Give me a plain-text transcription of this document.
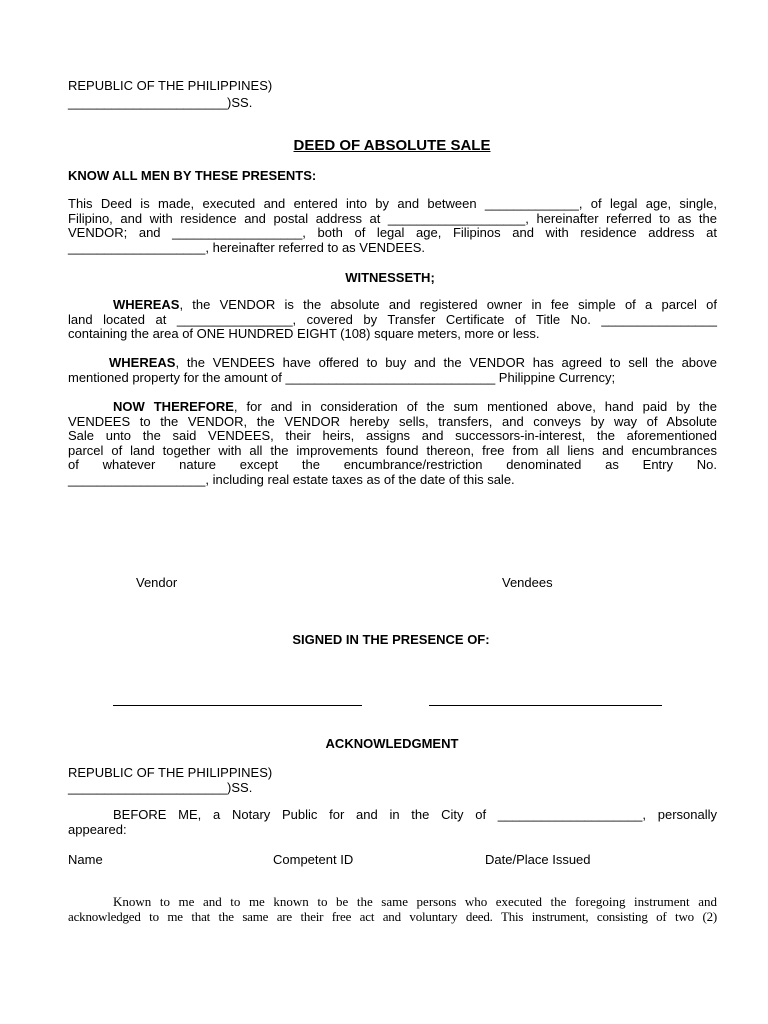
REPUBLIC OF THE PHILIPPINES)
______________________)SS.
DEED OF ABSOLUTE SALE
KNOW ALL MEN BY THESE PRESENTS:
This Deed is made, executed and entered into by and between _____________, of legal age, single,
Filipino, and with residence and postal address at ___________________, hereinafter referred to as the
VENDOR; and __________________, both of legal age, Filipinos and with residence address at
___________________, hereinafter referred to as VENDEES.
WITNESSETH;
WHEREAS, the VENDOR is the absolute and registered owner in fee simple of a parcel of
land located at ________________, covered by Transfer Certificate of Title No. ________________
containing the area of ONE HUNDRED EIGHT (108) square meters, more or less.
WHEREAS, the VENDEES have offered to buy and the VENDOR has agreed to sell the above
mentioned property for the amount of _____________________________ Philippine Currency;
NOW THEREFORE, for and in consideration of the sum mentioned above, hand paid by the
VENDEES to the VENDOR, the VENDOR hereby sells, transfers, and conveys by way of Absolute
Sale unto the said VENDEES, their heirs, assigns and successors-in-interest, the aforementioned
parcel of land together with all the improvements found thereon, free from all liens and encumbrances
of whatever nature except the encumbrance/restriction denominated as Entry No.
___________________, including real estate taxes as of the date of this sale.
Vendor	Vendees
SIGNED IN THE PRESENCE OF:
ACKNOWLEDGMENT
REPUBLIC OF THE PHILIPPINES)
______________________)SS.
BEFORE ME, a Notary Public for and in the City of ____________________, personally
appeared:
Name	Competent ID	Date/Place Issued
Known to me and to me known to be the same persons who executed the foregoing instrument and
acknowledged to me that the same are their free act and voluntary deed. This instrument, consisting of two (2)
